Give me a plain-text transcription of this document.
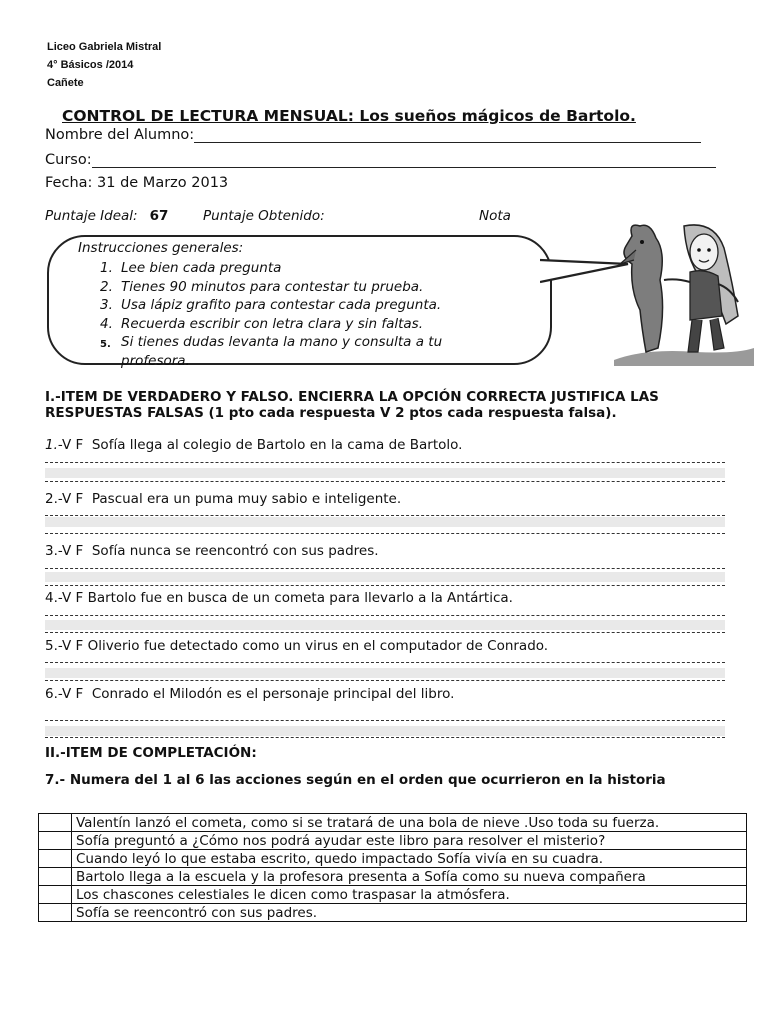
Liceo Gabriela Mistral
4° Básicos /2014
Cañete
CONTROL DE LECTURA MENSUAL: Los sueños mágicos de Bartolo.
Nombre del Alumno:
Curso:
Fecha: 31 de Marzo 2013
Puntaje Ideal: 67	Puntaje Obtenido:	Nota
Instrucciones generales:
1. Lee bien cada pregunta
2. Tienes 90 minutos para contestar tu prueba.
3. Usa lápiz grafito para contestar cada pregunta.
4. Recuerda escribir con letra clara y sin faltas.
5. Si tienes dudas levanta la mano y consulta a tu profesora.
I.-ITEM DE VERDADERO Y FALSO. ENCIERRA LA OPCIÓN CORRECTA JUSTIFICA LAS RESPUESTAS FALSAS (1 pto cada respuesta V 2 ptos cada respuesta falsa).
1.-V F Sofía llega al colegio de Bartolo en la cama de Bartolo.
2.-V F  Pascual era un puma muy sabio e inteligente.
3.-V F Sofía nunca se reencontró con sus padres.
4.-V F Bartolo fue en busca de un cometa para llevarlo a la Antártica.
5.-V F Oliverio fue detectado como un virus en el computador de Conrado.
6.-V F Conrado el Milodón es el personaje principal del libro.
II.-ITEM DE COMPLETACIÓN:
7.- Numera del 1 al 6 las acciones según en el orden que ocurrieron en la historia
	Valentín lanzó el cometa, como si se tratará de una bola de nieve .Uso toda su fuerza.
	Sofía preguntó a ¿Cómo nos podrá ayudar este libro para resolver el misterio?
	Cuando leyó lo que estaba escrito, quedo impactado Sofía vivía en su cuadra.
	Bartolo llega a la escuela y la profesora presenta a Sofía como su nueva compañera
	Los chascones celestiales le dicen como traspasar la atmósfera.
	Sofía se reencontró con sus padres.
